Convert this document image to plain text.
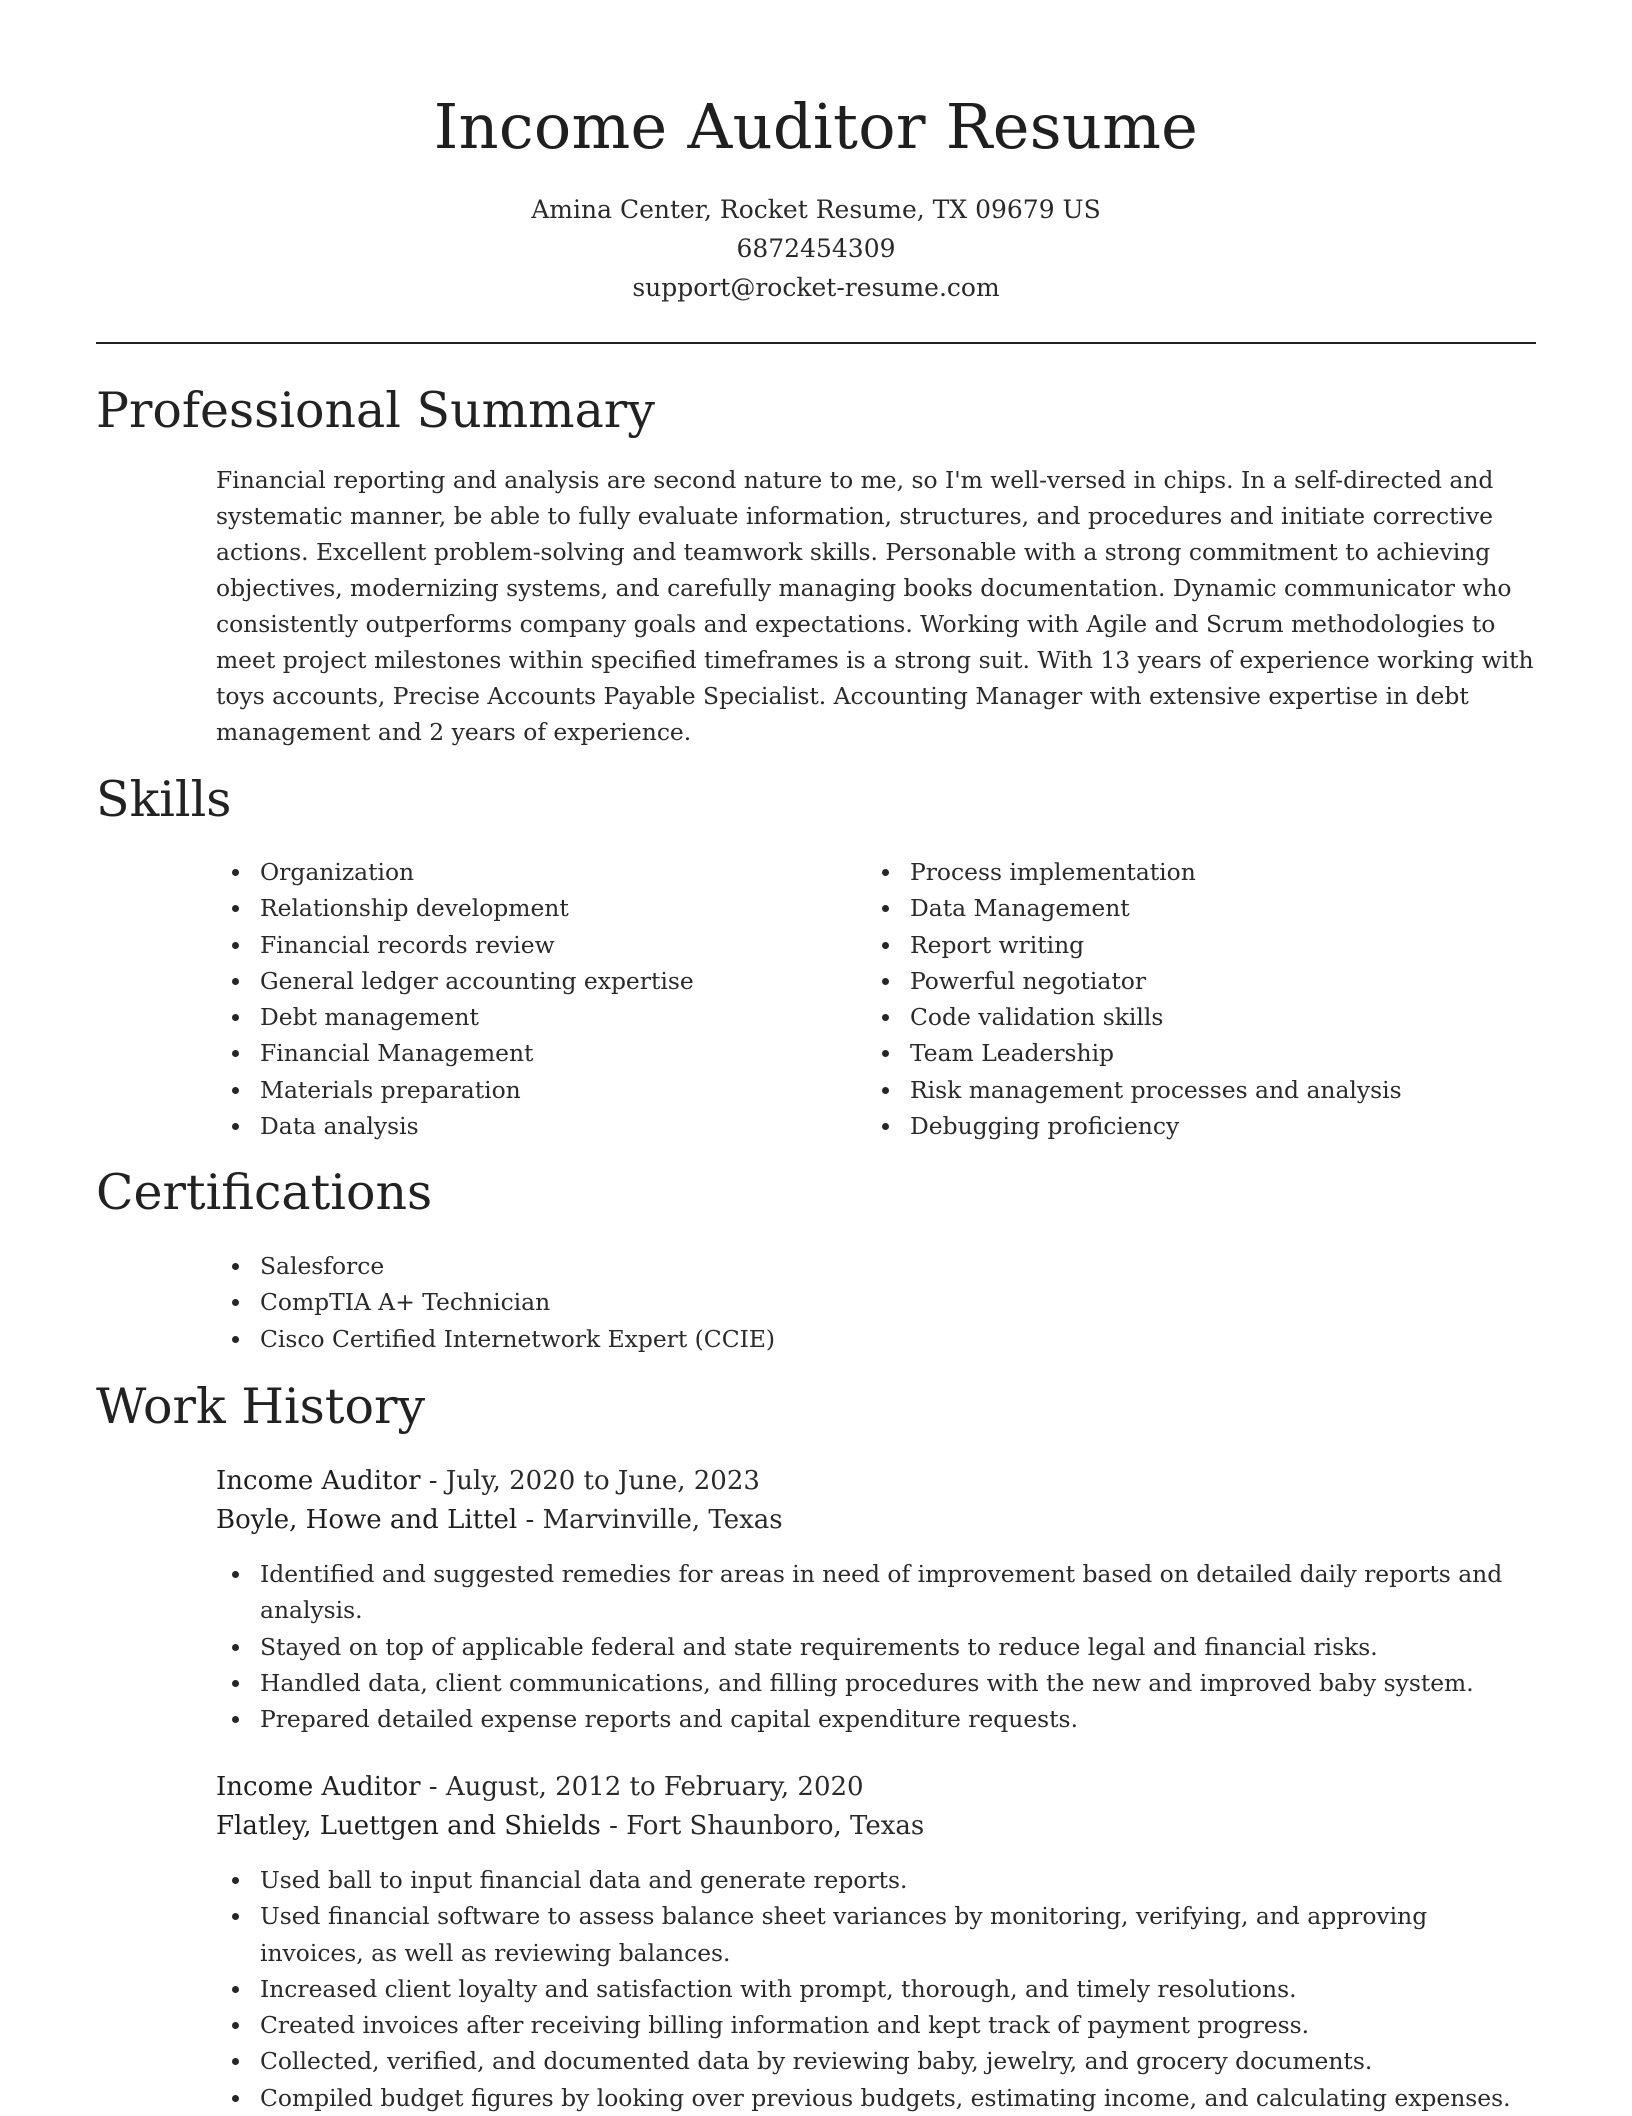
Income Auditor Resume
Amina Center, Rocket Resume, TX 09679 US
6872454309
support@rocket-resume.com
Professional Summary

Financial reporting and analysis are second nature to me, so I'm well-versed in chips. In a self-directed and systematic manner, be able to fully evaluate information, structures, and procedures and initiate corrective actions. Excellent problem-solving and teamwork skills. Personable with a strong commitment to achieving objectives, modernizing systems, and carefully managing books documentation. Dynamic communicator who consistently outperforms company goals and expectations. Working with Agile and Scrum methodologies to meet project milestones within specified timeframes is a strong suit. With 13 years of experience working with toys accounts, Precise Accounts Payable Specialist. Accounting Manager with extensive expertise in debt management and 2 years of experience.

Skills
Organization
Relationship development
Financial records review
General ledger accounting expertise
Debt management
Financial Management
Materials preparation
Data analysis
Process implementation
Data Management
Report writing
Powerful negotiator
Code validation skills
Team Leadership
Risk management processes and analysis
Debugging proficiency
Certifications
Salesforce
CompTIA A+ Technician
Cisco Certified Internetwork Expert (CCIE)
Work History
Income Auditor - July, 2020 to June, 2023
Boyle, Howe and Littel - Marvinville, Texas
Identified and suggested remedies for areas in need of improvement based on detailed daily reports and analysis.
Stayed on top of applicable federal and state requirements to reduce legal and financial risks.
Handled data, client communications, and filling procedures with the new and improved baby system.
Prepared detailed expense reports and capital expenditure requests.
Income Auditor - August, 2012 to February, 2020
Flatley, Luettgen and Shields - Fort Shaunboro, Texas
Used ball to input financial data and generate reports.
Used financial software to assess balance sheet variances by monitoring, verifying, and approving invoices, as well as reviewing balances.
Increased client loyalty and satisfaction with prompt, thorough, and timely resolutions.
Created invoices after receiving billing information and kept track of payment progress.
Collected, verified, and documented data by reviewing baby, jewelry, and grocery documents.
Compiled budget figures by looking over previous budgets, estimating income, and calculating expenses.
